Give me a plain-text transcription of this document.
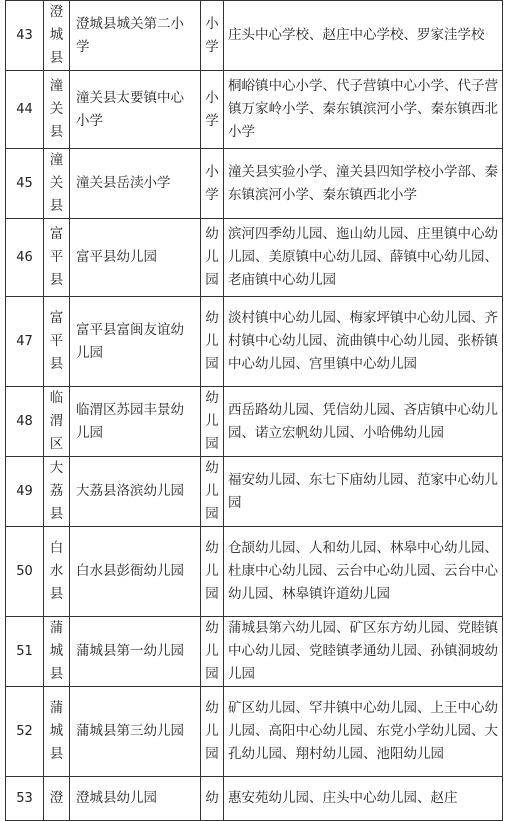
43	澄城县	澄城县城关第二小学	小学	庄头中心学校、赵庄中心学校、罗家洼学校
44	潼关县	潼关县太要镇中心小学	小学	桐峪镇中心小学、代子营镇中心小学、代子营镇万家岭小学、秦东镇滨河小学、秦东镇西北小学
45	潼关县	潼关县岳渎小学	小学	潼关县实验小学、潼关县四知学校小学部、秦东镇滨河小学、秦东镇西北小学
46	富平县	富平县幼儿园	幼儿园	滨河四季幼儿园、迤山幼儿园、庄里镇中心幼儿园、美原镇中心幼儿园、薛镇中心幼儿园、老庙镇中心幼儿园
47	富平县	富平县富闽友谊幼儿园	幼儿园	淡村镇中心幼儿园、梅家坪镇中心幼儿园、齐村镇中心幼儿园、流曲镇中心幼儿园、张桥镇中心幼儿园、宫里镇中心幼儿园
48	临渭区	临渭区苏园丰景幼儿园	幼儿园	西岳路幼儿园、凭信幼儿园、吝店镇中心幼儿园、诺立宏帆幼儿园、小哈佛幼儿园
49	大荔县	大荔县洛滨幼儿园	幼儿园	福安幼儿园、东七下庙幼儿园、范家中心幼儿园
50	白水县	白水县彭衙幼儿园	幼儿园	仓颉幼儿园、人和幼儿园、林皋中心幼儿园、杜康中心幼儿园、云台中心幼儿园、云台中心幼儿园、林皋镇许道幼儿园
51	蒲城县	蒲城县第一幼儿园	幼儿园	蒲城县第六幼儿园、矿区东方幼儿园、党睦镇中心幼儿园、党睦镇孝通幼儿园、孙镇洞坡幼儿园
52	蒲城县	蒲城县第三幼儿园	幼儿园	矿区幼儿园、罕井镇中心幼儿园、上王中心幼儿园、高阳中心幼儿园、东党小学幼儿园、大孔幼儿园、翔村幼儿园、池阳幼儿园
53	澄	澄城县幼儿园	幼	惠安苑幼儿园、庄头中心幼儿园、赵庄
